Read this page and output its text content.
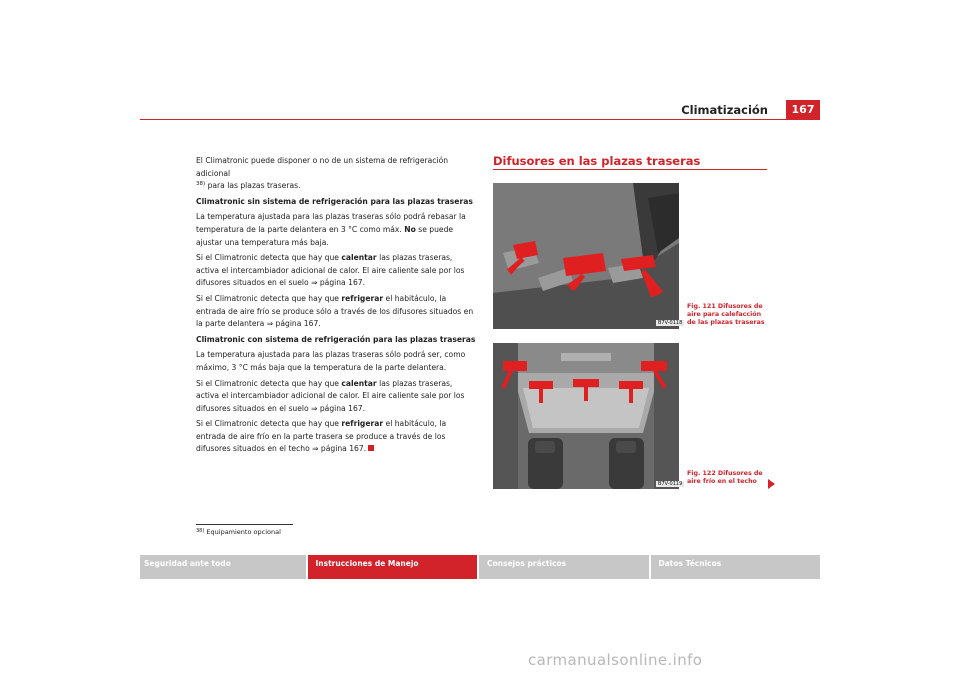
Climatización	167

El Climatronic puede disponer o no de un sistema de refrigeración adicional
$^{38)}$ para las plazas traseras.

Climatronic sin sistema de refrigeración para las plazas traseras

La temperatura ajustada para las plazas traseras sólo podrá rebasar la temperatura de la parte delantera en 3 °C como máx. No se puede ajustar una temperatura más baja.

Si el Climatronic detecta que hay que calentar las plazas traseras, activa el intercambiador adicional de calor. El aire caliente sale por los difusores situados en el suelo ⇒ página 167.

Si el Climatronic detecta que hay que refrigerar el habitáculo, la entrada de aire frío se produce sólo a través de los difusores situados en la parte delantera ⇒ página 167.

Climatronic con sistema de refrigeración para las plazas traseras

La temperatura ajustada para las plazas traseras sólo podrá ser, como máximo, 3 °C más baja que la temperatura de la parte delantera.

Si el Climatronic detecta que hay que calentar las plazas traseras, activa el intercambiador adicional de calor. El aire caliente sale por los difusores situados en el suelo ⇒ página 167.

Si el Climatronic detecta que hay que refrigerar el habitáculo, la entrada de aire frío en la parte trasera se produce a través de los difusores situados en el techo ⇒ página 167.

$^{38)}$ Equipamiento opcional
Difusores en las plazas traseras
B7V-0118
B7V-0119
Fig. 121 Difusores de aire para calefacción de las plazas traseras
Fig. 122 Difusores de aire frío en el techo
Seguridad ante todo	Instrucciones de Manejo	Consejos prácticos	Datos Técnicos
carmanualsonline.info
